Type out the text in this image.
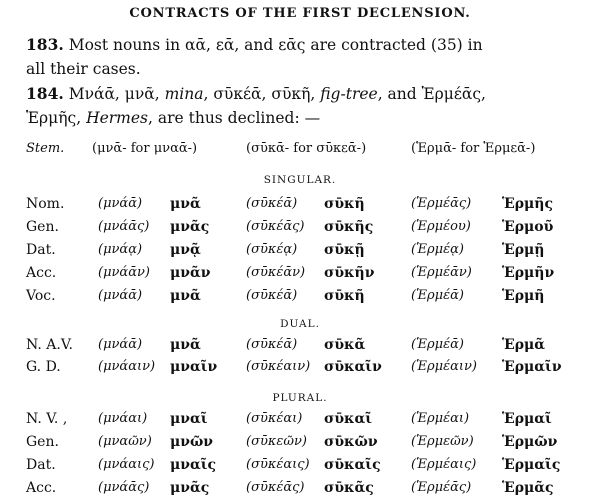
CONTRACTS OF THE FIRST DECLENSION.
183. Most nouns in αᾱ, εᾱ, and εᾱς are contracted (35) in
all their cases.
184. Μνάᾱ, μνᾶ, mina, σῡκέᾱ, σῡκῆ, fig-tree, and Ἑρμέᾱς,
Ἑρμῆς, Hermes, are thus declined: —
Stem. (μνᾱ- for μναᾱ-)	(σῡκᾱ- for σῡκεᾱ-)	(Ἑρμᾱ- for Ἑρμεᾱ-)
SINGULAR.
Nom.	(μνάᾱ) μνᾶ	(σῡκέᾱ) σῡκῆ	(Ἑρμέᾱς) Ἑρμῆς
Gen.	(μνάᾱς) μνᾶς	(σῡκέᾱς) σῡκῆς	(Ἑρμέου) Ἑρμοῦ
Dat.	(μνάᾳ) μνᾷ	(σῡκέᾳ) σῡκῇ	(Ἑρμέᾳ)	Ἑρμῇ
Acc.	(μνάᾱν) μνᾶν	(σῡκέᾱν) σῡκῆν	(Ἑρμέᾱν) Ἑρμῆν
Voc.	(μνάᾱ) μνᾶ	(σῡκέᾱ) σῡκῆ	(Ἑρμέᾱ)	Ἑρμῆ
DUAL.
N. A.V. (μνάᾱ) μνᾶ	(σῡκέᾱ) σῡκᾶ	(Ἑρμέᾱ)	Ἑρμᾶ
G. D.	(μνάαιν) μναῖν (σῡκέαιν) σῡκαῖν (Ἑρμέαιν) Ἑρμαῖν
PLURAL.
N. V. , (μνάαι) μναῖ	(σῡκέαι) σῡκαῖ	(Ἑρμέαι) Ἑρμαῖ
Gen.	(μναῶν) μνῶν	(σῡκεῶν) σῡκῶν	(Ἑρμεῶν) Ἑρμῶν
Dat.	(μνάαις) μναῖς (σῡκέαις) σῡκαῖς (Ἑρμέαις) Ἑρμαῖς
Acc.	(μνάᾱς) μνᾶς	(σῡκέᾱς) σῡκᾶς	(Ἑρμέᾱς) Ἑρμᾶς
